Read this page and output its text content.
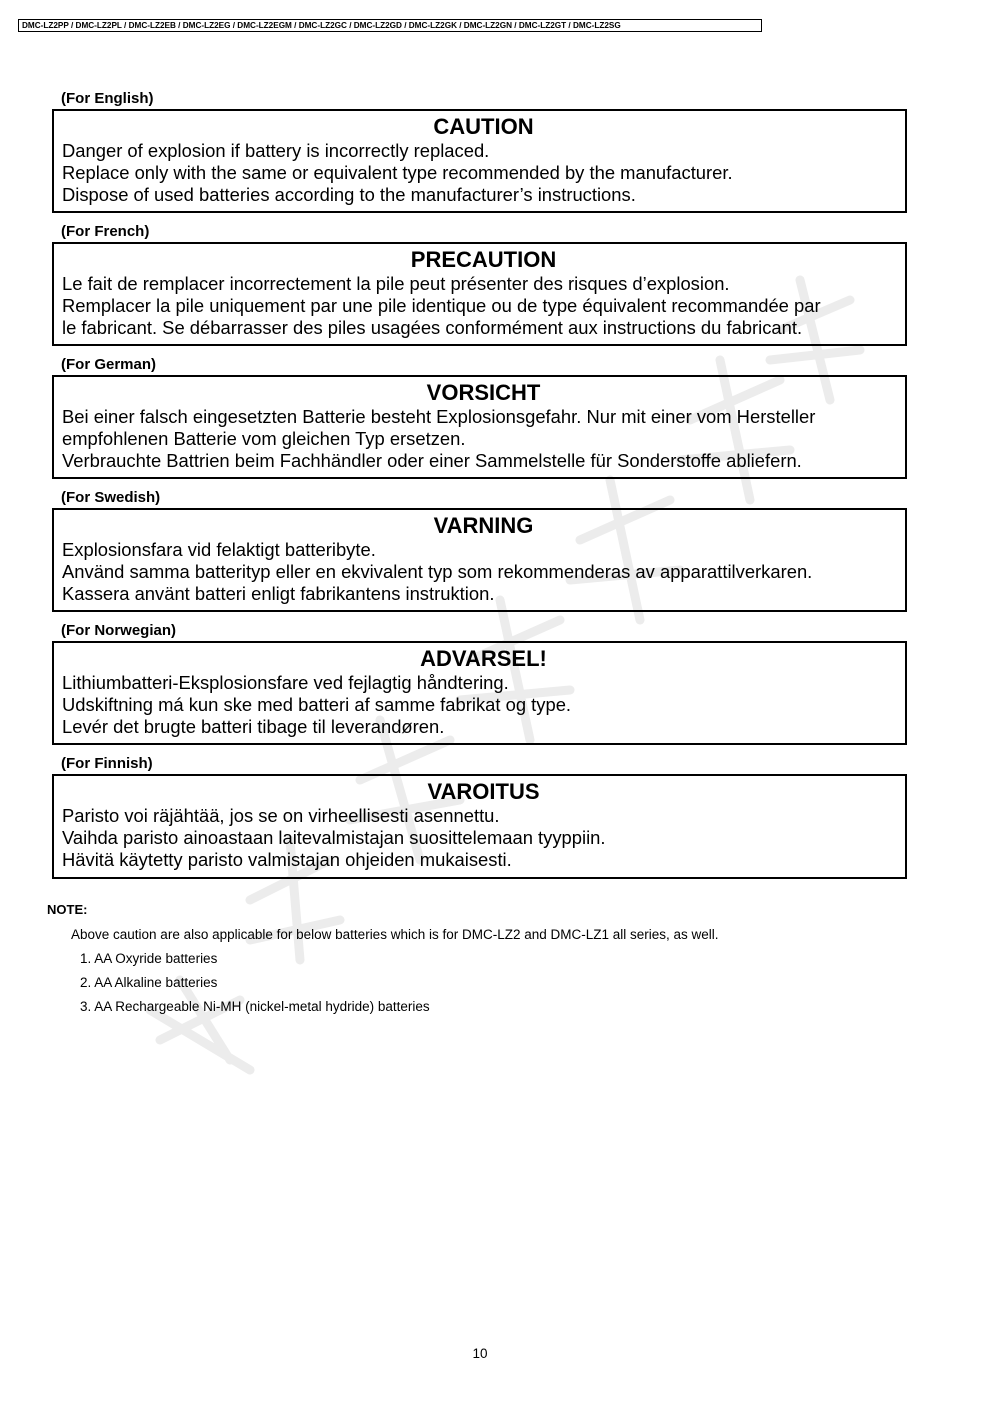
DMC-LZ2PP / DMC-LZ2PL / DMC-LZ2EB / DMC-LZ2EG / DMC-LZ2EGM / DMC-LZ2GC / DMC-LZ2GD / DMC-LZ2GK / DMC-LZ2GN / DMC-LZ2GT / DMC-LZ2SG
(For English)
CAUTION
Danger of explosion if battery is incorrectly replaced.
Replace only with the same or equivalent type recommended by the manufacturer.
Dispose of used batteries according to the manufacturer’s instructions.
(For French)
PRECAUTION
Le fait de remplacer incorrectement la pile peut présenter des risques d’explosion.
Remplacer la pile uniquement par une pile identique ou de type équivalent recommandée par
le fabricant. Se débarrasser des piles usagées conformément aux instructions du fabricant.
(For German)
VORSICHT
Bei einer falsch eingesetzten Batterie besteht Explosionsgefahr. Nur mit einer vom Hersteller
empfohlenen Batterie vom gleichen Typ ersetzen.
Verbrauchte Battrien beim Fachhändler oder einer Sammelstelle für Sonderstoffe abliefern.
(For Swedish)
VARNING
Explosionsfara vid felaktigt batteribyte.
Använd samma batterityp eller en ekvivalent typ som rekommenderas av apparattilverkaren.
Kassera använt batteri enligt fabrikantens instruktion.
(For Norwegian)
ADVARSEL!
Lithiumbatteri-Eksplosionsfare ved fejlagtig håndtering.
Udskiftning má kun ske med batteri af samme fabrikat og type.
Levér det brugte batteri tibage til leverandøren.
(For Finnish)
VAROITUS
Paristo voi räjähtää, jos se on virheellisesti asennettu.
Vaihda paristo ainoastaan laitevalmistajan suosittelemaan tyyppiin.
Hävitä käytetty paristo valmistajan ohjeiden mukaisesti.
NOTE:
Above caution are also applicable for below batteries which is for DMC-LZ2 and DMC-LZ1 all series, as well.
1. AA Oxyride batteries
2. AA Alkaline batteries
3. AA Rechargeable Ni-MH (nickel-metal hydride) batteries
10
